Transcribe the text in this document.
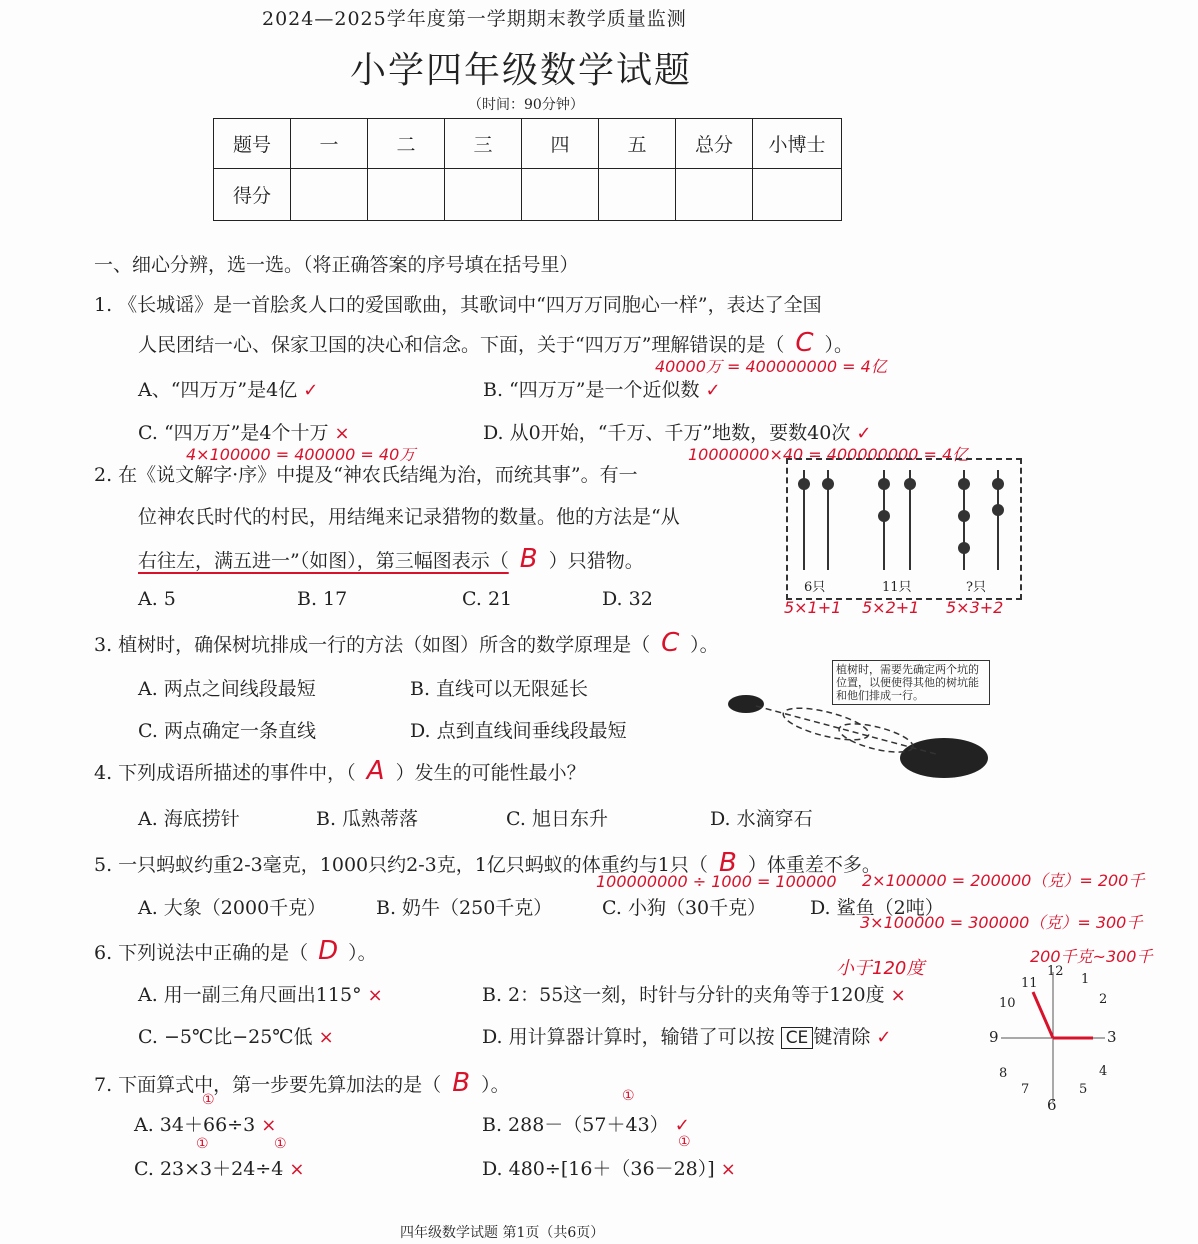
2024—2025学年度第一学期期末教学质量监测
小学四年级数学试题
（时间：90分钟）
题号	一	二	三	四	五	总分	小博士
得分							
一、细心分辨，选一选。（将正确答案的序号填在括号里）
1. 《长城谣》是一首脍炙人口的爱国歌曲，其歌词中“四万万同胞心一样”，表达了全国
人民团结一心、保家卫国的决心和信念。下面，关于“四万万”理解错误的是（ C ）。
40000万 = 400000000 = 4亿
A、“四万万”是4亿 ✓	B. “四万万”是一个近似数 ✓
C. “四万万”是4个十万 ×	D. 从0开始，“千万、千万”地数，要数40次 ✓
4×100000 = 400000 = 40万	10000000×40 = 400000000 = 4亿
2. 在《说文解字·序》中提及“神农氏结绳为治，而统其事”。有一
位神农氏时代的村民，用结绳来记录猎物的数量。他的方法是“从
右往左，满五进一”（如图），第三幅图表示（ B ）只猎物。
A. 5	B. 17	C. 21	D. 32
6只	11只	?只
5×1+1 5×2+1 5×3+2
3. 植树时，确保树坑排成一行的方法（如图）所含的数学原理是（ C ）。
A. 两点之间线段最短	B. 直线可以无限延长
C. 两点确定一条直线	D. 点到直线间垂线段最短
植树时，需要先确定两个坑的位置，以便使得其他的树坑能和他们排成一行。
4. 下列成语所描述的事件中，（ A ）发生的可能性最小？
A. 海底捞针	B. 瓜熟蒂落	C. 旭日东升	D. 水滴穿石
5. 一只蚂蚁约重2-3毫克，1000只约2-3克，1亿只蚂蚁的体重约与1只（ B ）体重差不多。
100000000 ÷ 1000 = 100000 2×100000 = 200000（克）= 200千
A. 大象（2000千克）	B. 奶牛（250千克）	C. 小狗（30千克） D. 鲨鱼（2吨）
3×100000 = 300000（克）= 300千
6. 下列说法中正确的是（ D ）。
小于120度
200千克~300千
A. 用一副三角尺画出115° ×	B. 2：55这一刻，时针与分针的夹角等于120度 ×
C. −5℃比−25℃低 ×	D. 用计算器计算时，输错了可以按 CE 键清除 ✓
12
1
2
3
4
5
6
7
8
9
10
11
7. 下面算式中，第一步要先算加法的是（ B ）。
①
A. 34＋66÷3 ×
①
B. 288－（57＋43） ✓
①	①
C. 23×3＋24÷4 ×
①
D. 480÷[16＋（36－28）] ×
四年级数学试题 第1页（共6页）
